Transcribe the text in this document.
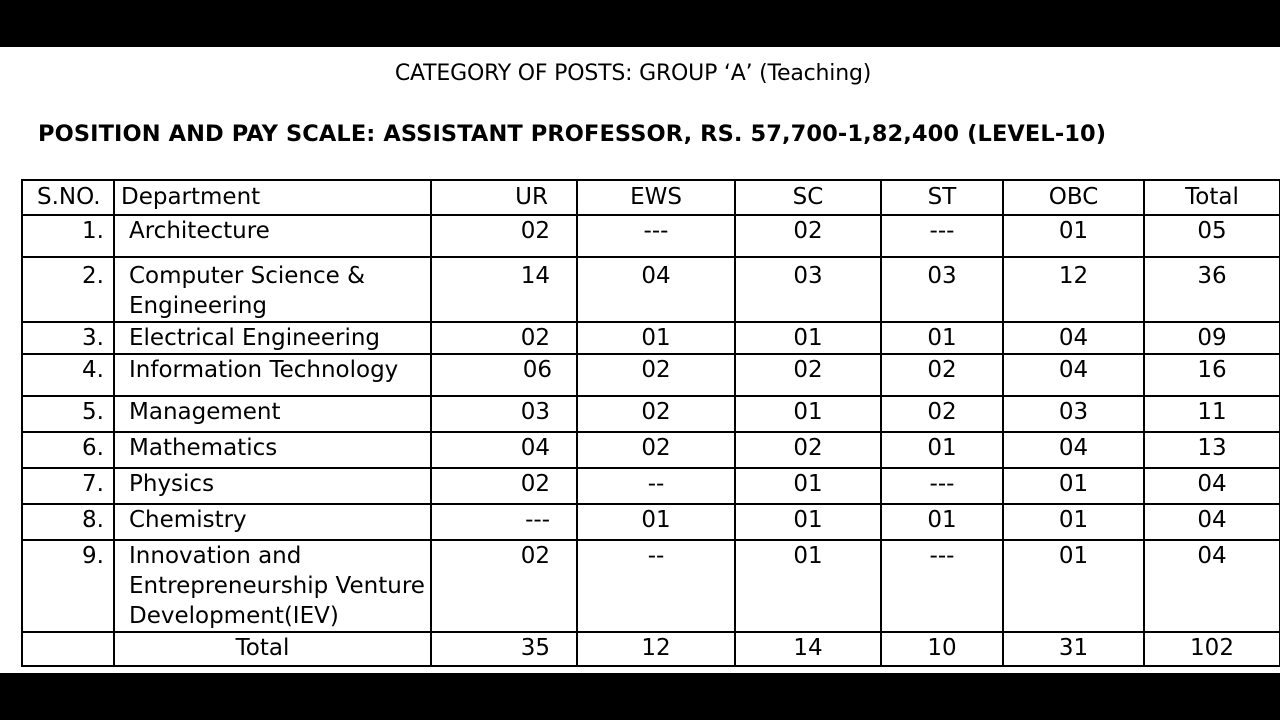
CATEGORY OF POSTS: GROUP ‘A’ (Teaching)
POSITION AND PAY SCALE: ASSISTANT PROFESSOR, RS. 57,700-1,82,400 (LEVEL-10)
S.NO.	Department	UR	EWS	SC	ST	OBC	Total
1.	Architecture	02	---	02	---	01	05
2.	Computer Science & Engineering	14	04	03	03	12	36
3.	Electrical Engineering	02	01	01	01	04	09
4.	Information Technology	06	02	02	02	04	16
5.	Management	03	02	01	02	03	11
6.	Mathematics	04	02	02	01	04	13
7.	Physics	02	--	01	---	01	04
8.	Chemistry	---	01	01	01	01	04
9.	Innovation and Entrepreneurship Venture Development(IEV)	02	--	01	---	01	04
	Total	35	12	14	10	31	102
